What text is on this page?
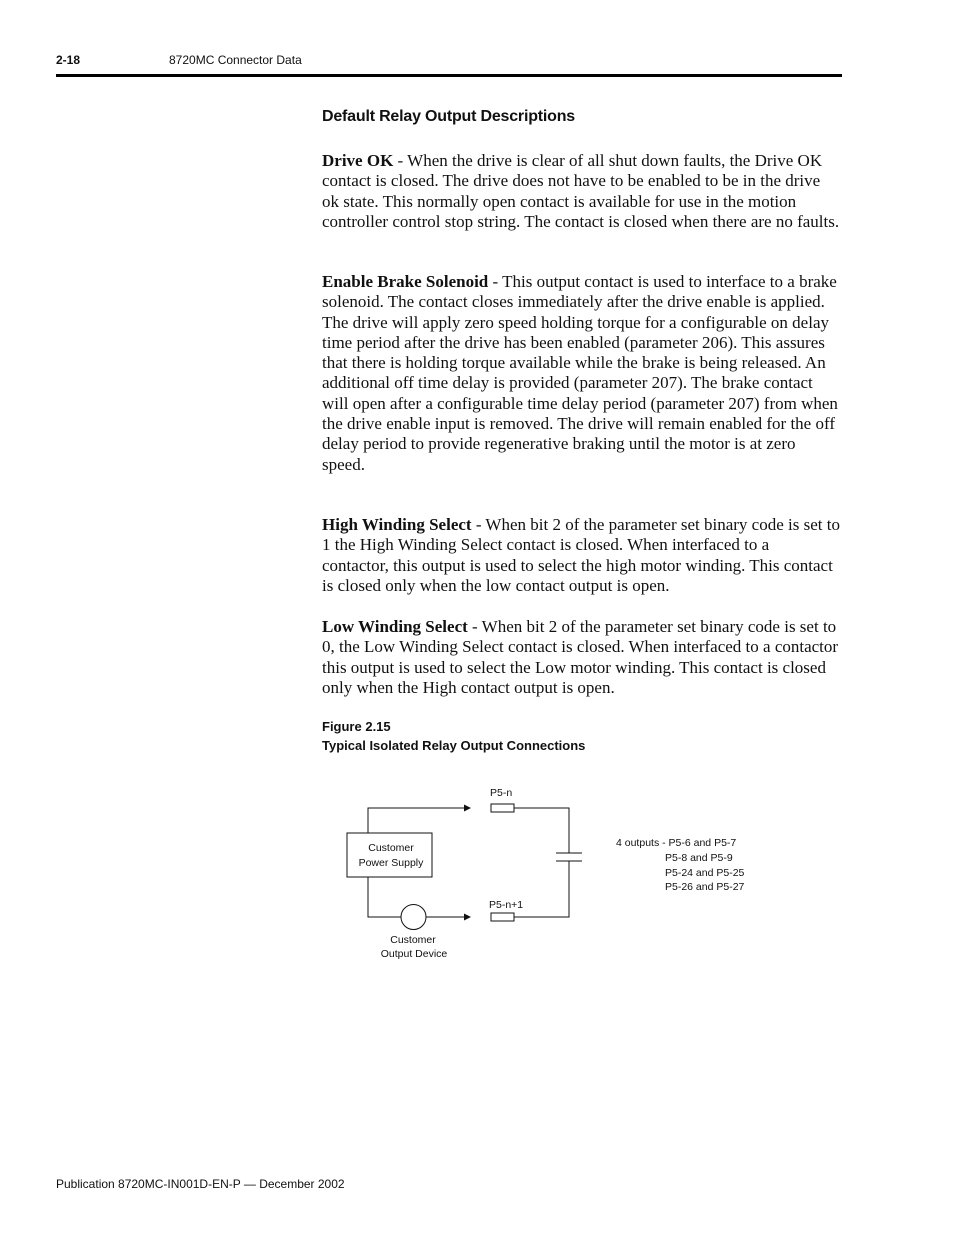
2-18	8720MC Connector Data
Default Relay Output Descriptions

Drive OK - When the drive is clear of all shut down faults, the Drive OK contact is closed. The drive does not have to be enabled to be in the drive ok state. This normally open contact is available for use in the motion controller control stop string. The contact is closed when there are no faults.

Enable Brake Solenoid - This output contact is used to interface to a brake solenoid. The contact closes immediately after the drive enable is applied. The drive will apply zero speed holding torque for a configurable on delay time period after the drive has been enabled (parameter 206). This assures that there is holding torque available while the brake is being released. An additional off time delay is provided (parameter 207). The brake contact will open after a configurable time delay period (parameter 207) from when the drive enable input is removed. The drive will remain enabled for the off delay period to provide regenerative braking until the motor is at zero speed.

High Winding Select - When bit 2 of the parameter set binary code is set to 1 the High Winding Select contact is closed. When interfaced to a contactor, this output is used to select the high motor winding. This contact is closed only when the low contact output is open.

Low Winding Select - When bit 2 of the parameter set binary code is set to 0, the Low Winding Select contact is closed. When interfaced to a contactor this output is used to select the Low motor winding. This contact is closed only when the High contact output is open.

Figure 2.15
Typical Isolated Relay Output Connections
P5-n
P5-n+1
Customer
Power Supply
Customer
Output Device
4 outputs - P5-6 and P5-7
P5-8 and P5-9
P5-24 and P5-25
P5-26 and P5-27
Publication 8720MC-IN001D-EN-P — December 2002
